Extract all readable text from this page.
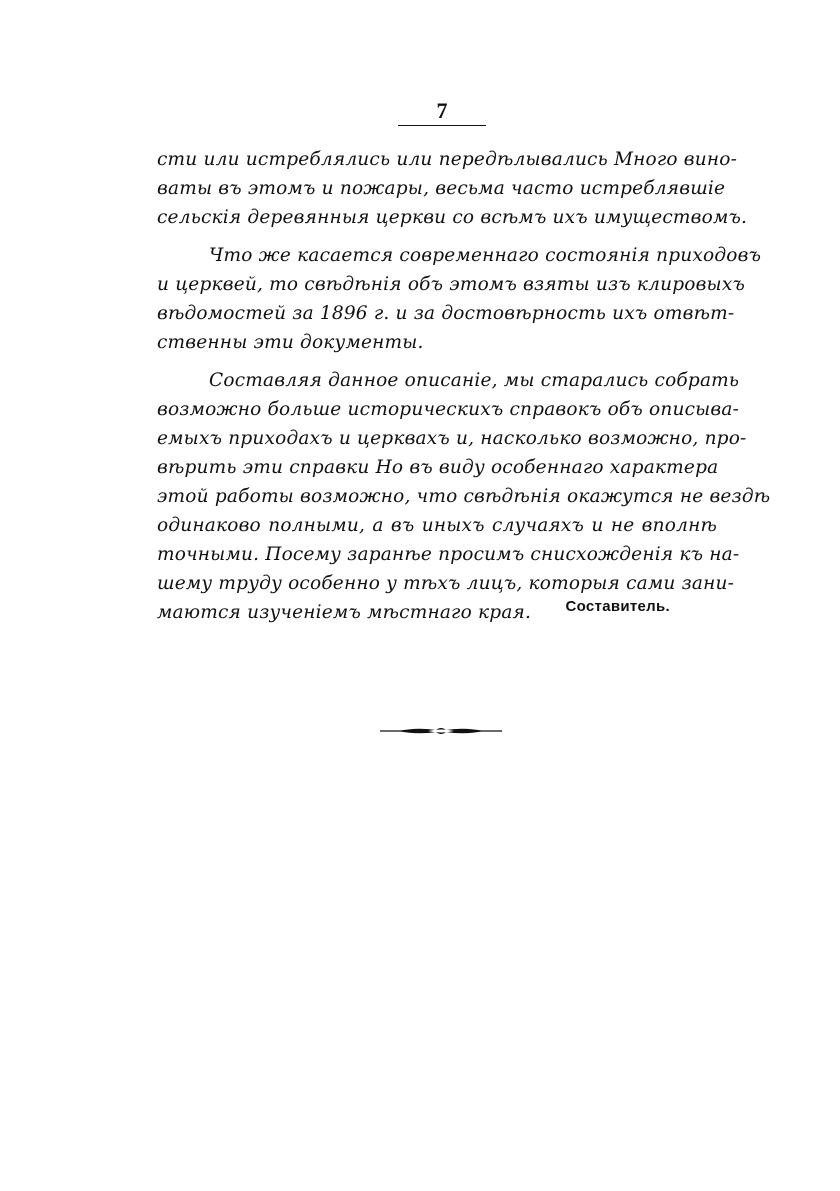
7
сти или истреблялись или передѣлывались Много вино-
ваты въ этомъ и пожары, весьма часто истреблявшіе
сельскія деревянныя церкви со всѣмъ ихъ имуществомъ.
Что же касается современнаго состоянія приходовъ
и церквей, то свѣдѣнія объ этомъ взяты изъ клировыхъ
вѣдомостей за 1896 г. и за достовѣрность ихъ отвѣт-
ственны эти документы.
Составляя данное описаніе, мы старались собрать
возможно больше историческихъ справокъ объ описыва-
емыхъ приходахъ и церквахъ и, насколько возможно, про-
вѣрить эти справки Но въ виду особеннаго характера
этой работы возможно, что свѣдѣнія окажутся не вездѣ
одинаково полными, а въ иныхъ случаяхъ и не вполнѣ
точными. Посему заранѣе просимъ снисхожденія къ на-
шему труду особенно у тѣхъ лицъ, которыя сами зани-
маются изученіемъ мѣстнаго края.	Составитель.
